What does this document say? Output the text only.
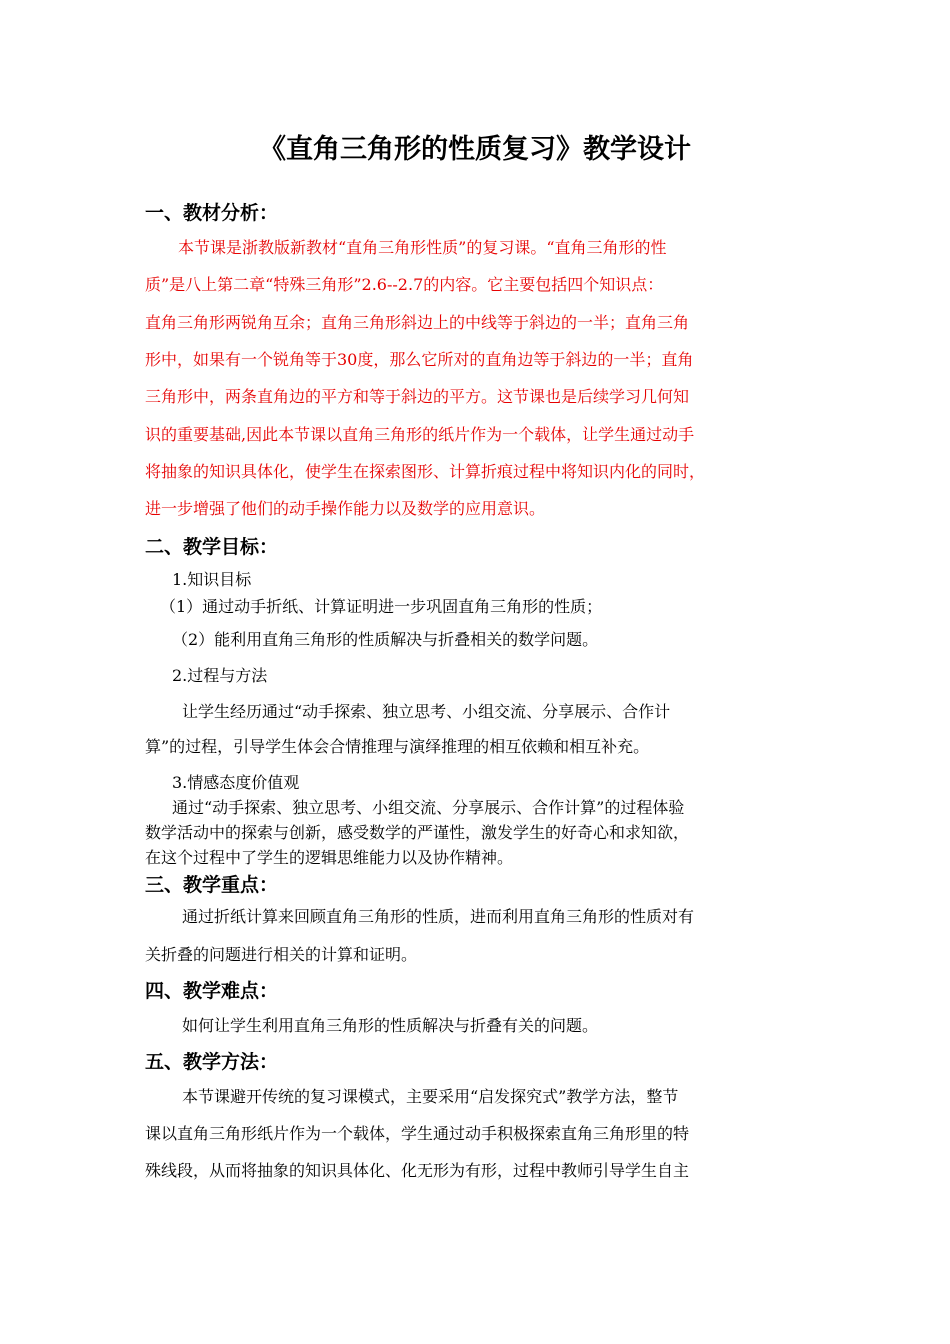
《直角三角形的性质复习》教学设计
一、教材分析：
本节课是浙教版新教材“直角三角形性质”的复习课。“直角三角形的性
质”是八上第二章“特殊三角形”2.6--2.7的内容。它主要包括四个知识点：
直角三角形两锐角互余；直角三角形斜边上的中线等于斜边的一半；直角三角
形中，如果有一个锐角等于30度，那么它所对的直角边等于斜边的一半；直角
三角形中，两条直角边的平方和等于斜边的平方。这节课也是后续学习几何知
识的重要基础,因此本节课以直角三角形的纸片作为一个载体，让学生通过动手
将抽象的知识具体化，使学生在探索图形、计算折痕过程中将知识内化的同时，
进一步增强了他们的动手操作能力以及数学的应用意识。
二、教学目标：
1.知识目标
（1）通过动手折纸、计算证明进一步巩固直角三角形的性质；
（2）能利用直角三角形的性质解决与折叠相关的数学问题。
2.过程与方法
让学生经历通过“动手探索、独立思考、小组交流、分享展示、合作计
算”的过程，引导学生体会合情推理与演绎推理的相互依赖和相互补充。
3.情感态度价值观
通过“动手探索、独立思考、小组交流、分享展示、合作计算”的过程体验
数学活动中的探索与创新，感受数学的严谨性，激发学生的好奇心和求知欲，
在这个过程中了学生的逻辑思维能力以及协作精神。
三、教学重点：
通过折纸计算来回顾直角三角形的性质，进而利用直角三角形的性质对有
关折叠的问题进行相关的计算和证明。
四、教学难点：
如何让学生利用直角三角形的性质解决与折叠有关的问题。
五、教学方法：
本节课避开传统的复习课模式，主要采用“启发探究式”教学方法，整节
课以直角三角形纸片作为一个载体，学生通过动手积极探索直角三角形里的特
殊线段，从而将抽象的知识具体化、化无形为有形，过程中教师引导学生自主
